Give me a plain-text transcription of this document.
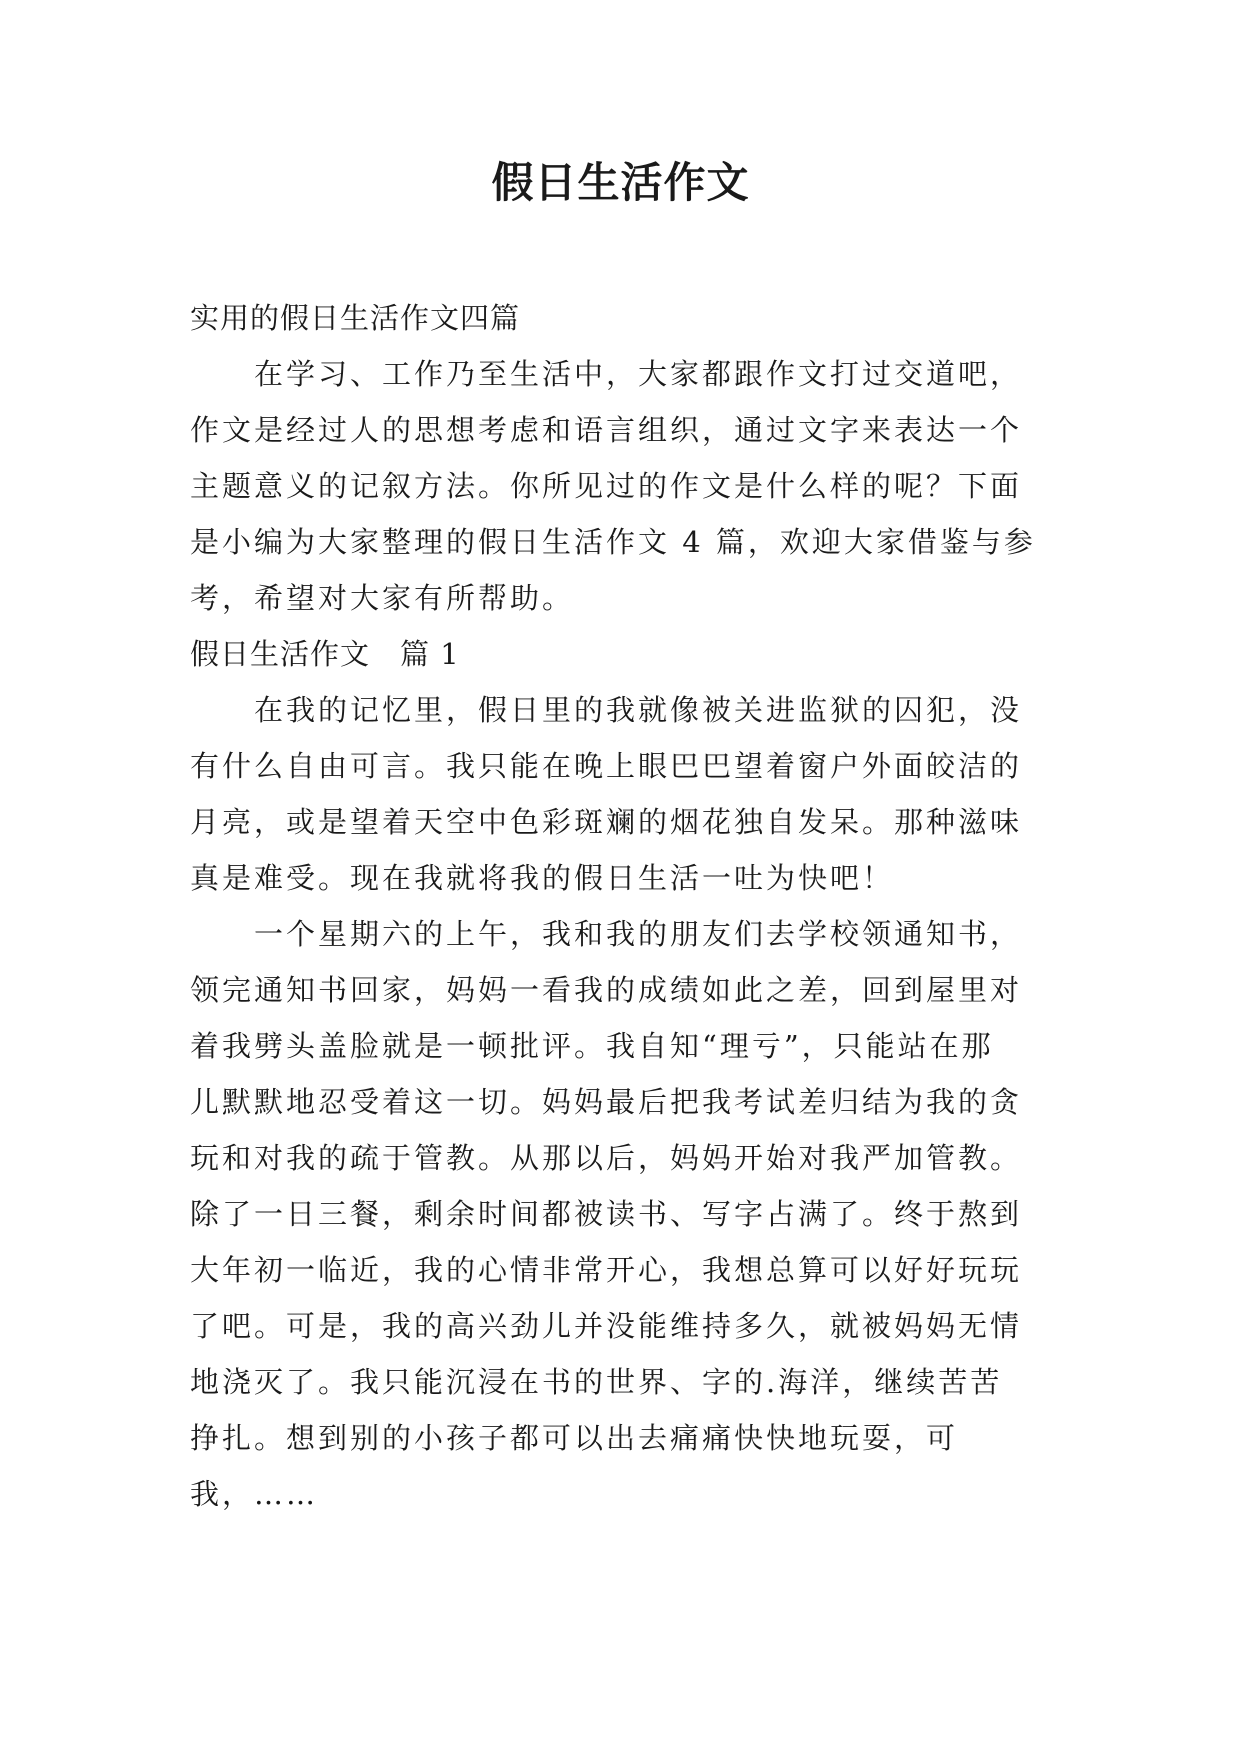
假日生活作文
实用的假日生活作文四篇
　　在学习、工作乃至生活中，大家都跟作文打过交道吧，
作文是经过人的思想考虑和语言组织，通过文字来表达一个
主题意义的记叙方法。你所见过的作文是什么样的呢？下面
是小编为大家整理的假日生活作文 4 篇，欢迎大家借鉴与参
考，希望对大家有所帮助。
假日生活作文　篇 1
　　在我的记忆里，假日里的我就像被关进监狱的囚犯，没
有什么自由可言。我只能在晚上眼巴巴望着窗户外面皎洁的
月亮，或是望着天空中色彩斑斓的烟花独自发呆。那种滋味
真是难受。现在我就将我的假日生活一吐为快吧！
　　一个星期六的上午，我和我的朋友们去学校领通知书，
领完通知书回家，妈妈一看我的成绩如此之差，回到屋里对
着我劈头盖脸就是一顿批评。我自知“理亏”，只能站在那
儿默默地忍受着这一切。妈妈最后把我考试差归结为我的贪
玩和对我的疏于管教。从那以后，妈妈开始对我严加管教。
除了一日三餐，剩余时间都被读书、写字占满了。终于熬到
大年初一临近，我的心情非常开心，我想总算可以好好玩玩
了吧。可是，我的高兴劲儿并没能维持多久，就被妈妈无情
地浇灭了。我只能沉浸在书的世界、字的.海洋，继续苦苦
挣扎。想到别的小孩子都可以出去痛痛快快地玩耍，可
我，……
